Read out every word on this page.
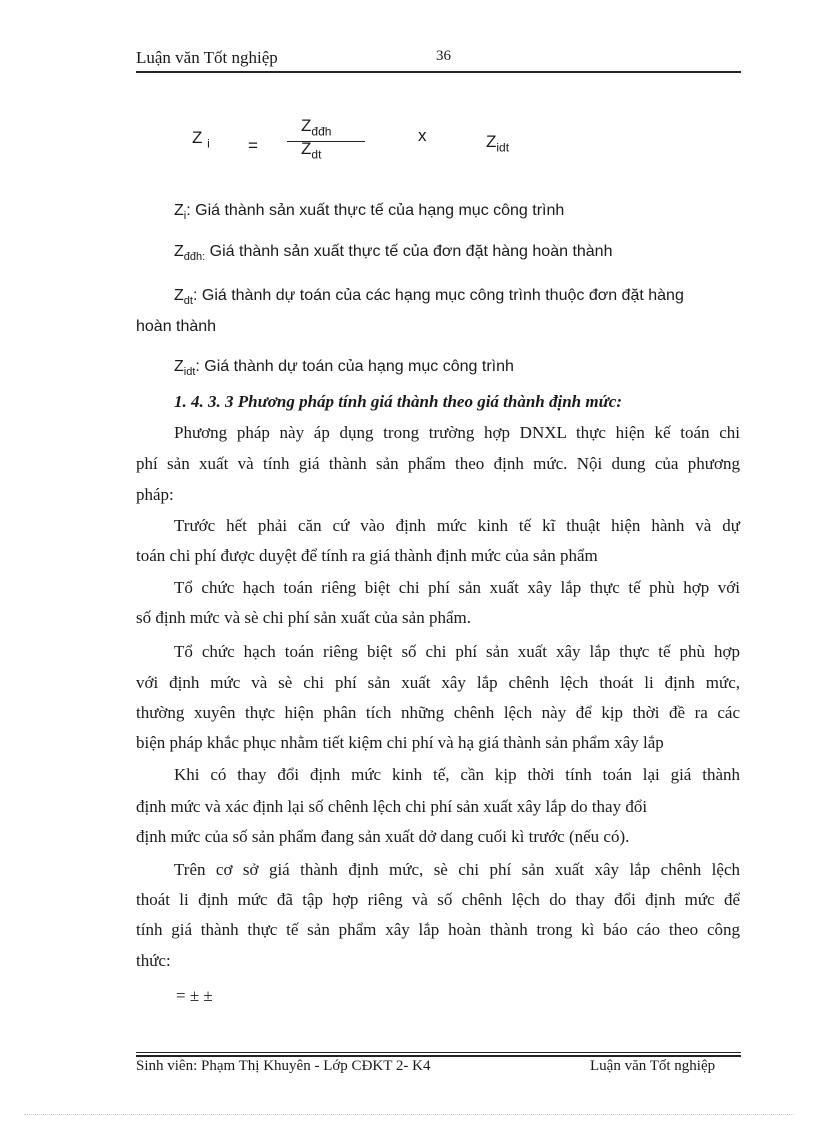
Luận văn Tốt nghiệp	36
Z $_i$ =
$Z_{đđh}$
$Z_{dt}$
x	$Z_{idt}$
$Z_i$: Giá thành sản xuất thực tế của hạng mục công trình
$Z_{đđh:}$ Giá thành sản xuất thực tế của đơn đặt hàng hoàn thành
$Z_{dt}$: Giá thành dự toán của các hạng mục công trình thuộc đơn đặt hàng
hoàn thành
$Z_{idt}$: Giá thành dự toán của hạng mục công trình
1. 4. 3. 3 Phương pháp tính giá thành theo giá thành định mức:
Phương pháp này áp dụng trong trường hợp DNXL thực hiện kế toán chi
phí sản xuất và tính giá thành sản phẩm theo định mức. Nội dung của phương
pháp:
Trước hết phải căn cứ vào định mức kinh tế kĩ thuật hiện hành và dự
toán chi phí được duyệt để tính ra giá thành định mức của sản phẩm
Tổ chức hạch toán riêng biệt chi phí sản xuất xây lắp thực tế phù hợp với
số định mức và sè chi phí sản xuất của sản phẩm.
Tổ chức hạch toán riêng biệt số chi phí sản xuất xây lắp thực tế phù hợp
với định mức và sè chi phí sản xuất xây lắp chênh lệch thoát li định mức,
thường xuyên thực hiện phân tích những chênh lệch này để kịp thời đề ra các
biện pháp khắc phục nhằm tiết kiệm chi phí và hạ giá thành sản phẩm xây lắp
Khi có thay đổi định mức kinh tế, cần kịp thời tính toán lại giá thành
định mức và xác định lại số chênh lệch chi phí sản xuất xây lắp do thay đổi
định mức của số sản phẩm đang sản xuất dở dang cuối kì trước (nếu có).
Trên cơ sở giá thành định mức, sè chi phí sản xuất xây lắp chênh lệch
thoát li định mức đã tập hợp riêng và số chênh lệch do thay đổi định mức để
tính giá thành thực tế sản phẩm xây lắp hoàn thành trong kì báo cáo theo công
thức:
= ± ±
Sinh viên: Phạm Thị Khuyên - Lớp CĐKT 2- K4	Luận văn Tốt nghiệp
